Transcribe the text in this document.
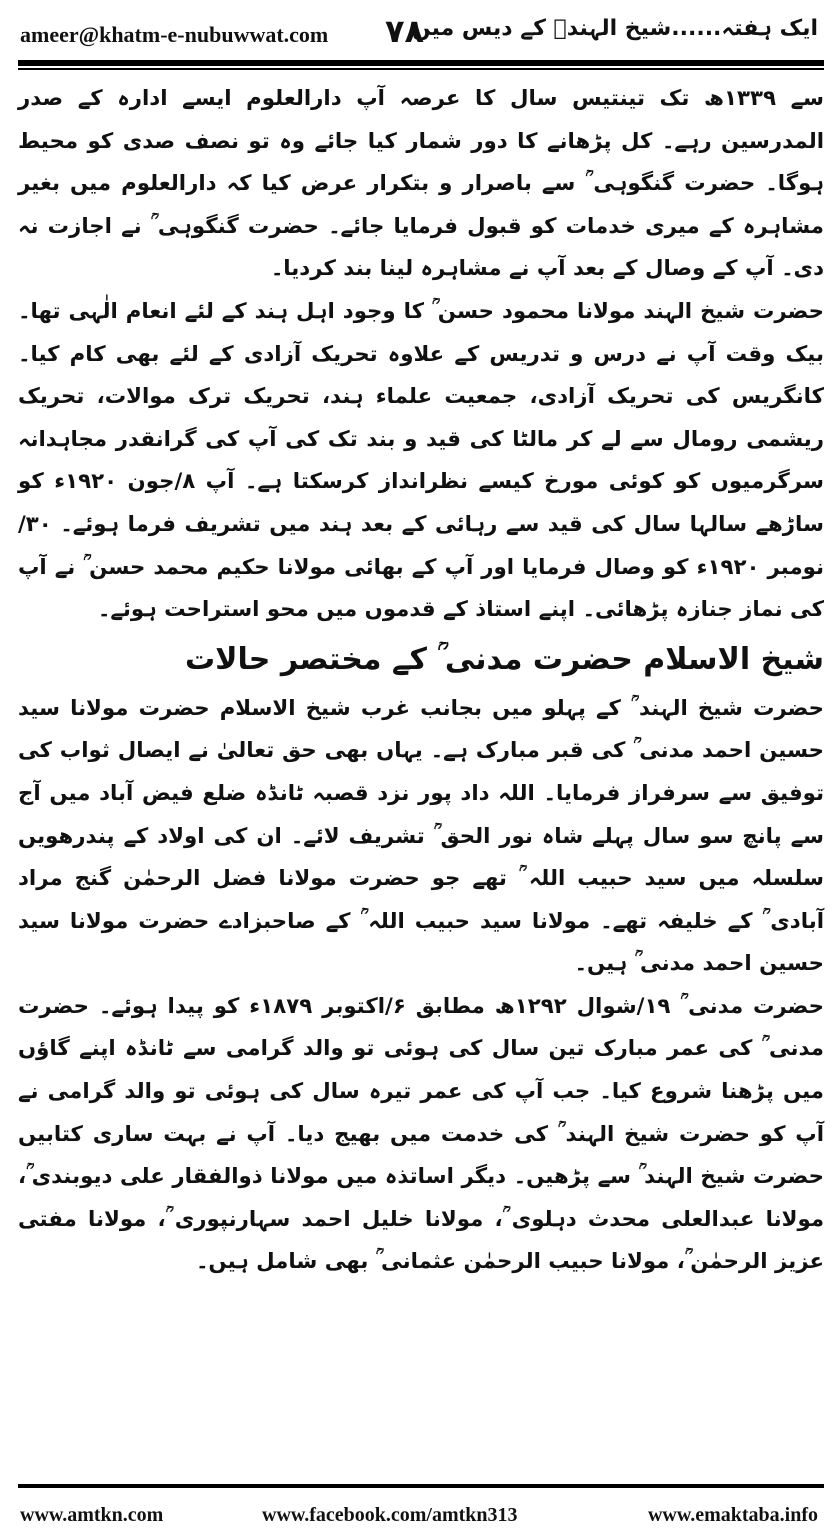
ameer@khatm-e-nubuwwat.com ۷۸
ایک ہفتہ......شیخ الہندؒ کے دیس میں

سے ۱۳۳۹ھ تک تینتیس سال کا عرصہ آپ دارالعلوم ایسے ادارہ کے صدر المدرسین رہے۔ کل پڑھانے کا دور شمار کیا جائے وہ تو نصف صدی کو محیط ہوگا۔ حضرت گنگوہی ؒ سے باصرار و بتکرار عرض کیا کہ دارالعلوم میں بغیر مشاہرہ کے میری خدمات کو قبول فرمایا جائے۔ حضرت گنگوہی ؒ نے اجازت نہ دی۔ آپ کے وصال کے بعد آپ نے مشاہرہ لینا بند کردیا۔

حضرت شیخ الہند مولانا محمود حسن ؒ کا وجود اہل ہند کے لئے انعام الٰہی تھا۔ بیک وقت آپ نے درس و تدریس کے علاوہ تحریک آزادی کے لئے بھی کام کیا۔ کانگریس کی تحریک آزادی، جمعیت علماء ہند، تحریک ترک موالات، تحریک ریشمی رومال سے لے کر مالٹا کی قید و بند تک کی آپ کی گرانقدر مجاہدانہ سرگرمیوں کو کوئی مورخ کیسے نظرانداز کرسکتا ہے۔ آپ ۸/جون ۱۹۲۰ء کو ساڑھے سالہا سال کی قید سے رہائی کے بعد ہند میں تشریف فرما ہوئے۔ ۳۰/نومبر ۱۹۲۰ء کو وصال فرمایا اور آپ کے بھائی مولانا حکیم محمد حسن ؒ نے آپ کی نماز جنازہ پڑھائی۔ اپنے استاذ کے قدموں میں محو استراحت ہوئے۔

شیخ الاسلام حضرت مدنی ؒ کے مختصر حالات

حضرت شیخ الہند ؒ کے پہلو میں بجانب غرب شیخ الاسلام حضرت مولانا سید حسین احمد مدنی ؒ کی قبر مبارک ہے۔ یہاں بھی حق تعالیٰ نے ایصال ثواب کی توفیق سے سرفراز فرمایا۔ اللہ داد پور نزد قصبہ ٹانڈہ ضلع فیض آباد میں آج سے پانچ سو سال پہلے شاہ نور الحق ؒ تشریف لائے۔ ان کی اولاد کے پندرھویں سلسلہ میں سید حبیب اللہ ؒ تھے جو حضرت مولانا فضل الرحمٰن گنج مراد آبادی ؒ کے خلیفہ تھے۔ مولانا سید حبیب اللہ ؒ کے صاحبزادے حضرت مولانا سید حسین احمد مدنی ؒ ہیں۔

حضرت مدنی ؒ ۱۹/شوال ۱۲۹۲ھ مطابق ۶/اکتوبر ۱۸۷۹ء کو پیدا ہوئے۔ حضرت مدنی ؒ کی عمر مبارک تین سال کی ہوئی تو والد گرامی سے ٹانڈہ اپنے گاؤں میں پڑھنا شروع کیا۔ جب آپ کی عمر تیرہ سال کی ہوئی تو والد گرامی نے آپ کو حضرت شیخ الہند ؒ کی خدمت میں بھیج دیا۔ آپ نے بہت ساری کتابیں حضرت شیخ الہند ؒ سے پڑھیں۔ دیگر اساتذہ میں مولانا ذوالفقار علی دیوبندی ؒ، مولانا عبدالعلی محدث دہلوی ؒ، مولانا خلیل احمد سہارنپوری ؒ، مولانا مفتی عزیز الرحمٰن ؒ، مولانا حبیب الرحمٰن عثمانی ؒ بھی شامل ہیں۔

www.amtkn.com	www.facebook.com/amtkn313	www.emaktaba.info
